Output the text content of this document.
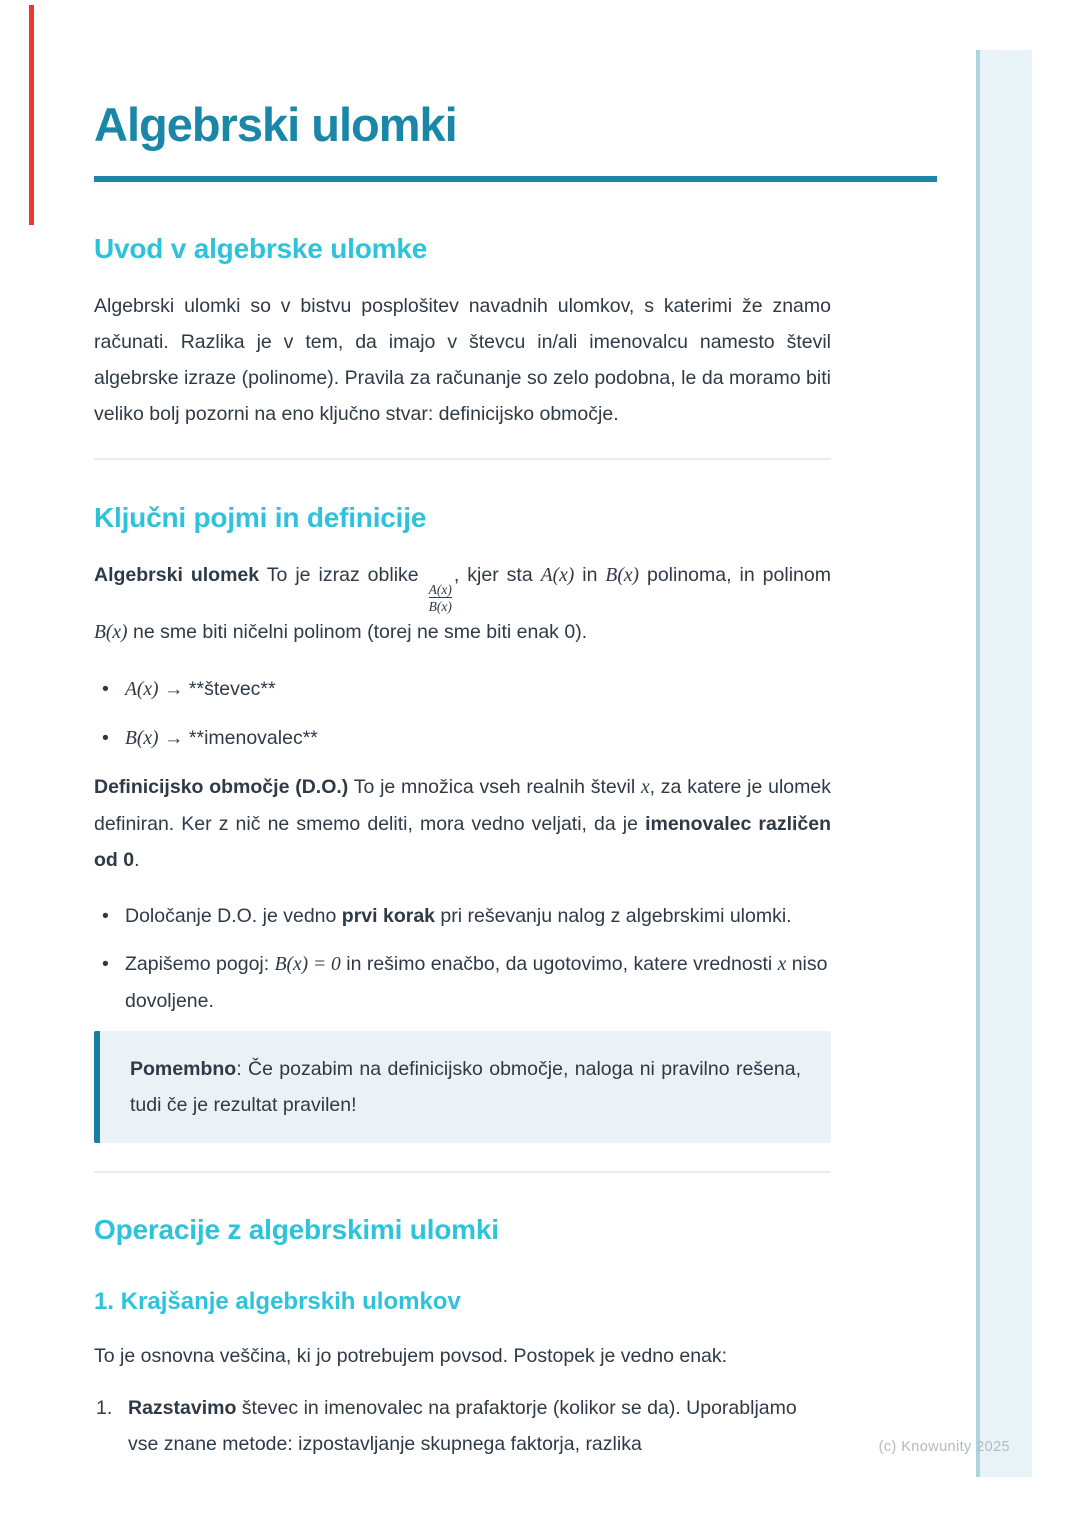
(c) Knowunity 2025
Algebrski ulomki
Uvod v algebrske ulomke

Algebrski ulomki so v bistvu posplošitev navadnih ulomkov, s katerimi že znamo računati. Razlika je v tem, da imajo v števcu in/ali imenovalcu namesto števil algebrske izraze (polinome). Pravila za računanje so zelo podobna, le da moramo biti veliko bolj pozorni na eno ključno stvar: definicijsko območje.

Ključni pojmi in definicije

Algebrski ulomek To je izraz oblike
$\frac{A(x)}{B(x)}$
, kjer sta A(x) in B(x) polinoma, in polinom B(x) ne sme biti ničelni polinom (torej ne sme biti enak 0).

• A(x) → **števec**
• B(x) → **imenovalec**

Definicijsko območje (D.O.) To je množica vseh realnih števil x, za katere je ulomek definiran. Ker z nič ne smemo deliti, mora vedno veljati, da je imenovalec različen od 0.

• Določanje D.O. je vedno prvi korak pri reševanju nalog z algebrskimi ulomki.
• Zapišemo pogoj: B(x) = 0 in rešimo enačbo, da ugotovimo, katere vrednosti x niso dovoljene.

Pomembno: Če pozabim na definicijsko območje, naloga ni pravilno rešena, tudi če je rezultat pravilen!

Operacije z algebrskimi ulomki
1. Krajšanje algebrskih ulomkov

To je osnovna veščina, ki jo potrebujem povsod. Postopek je vedno enak:

1. Razstavimo števec in imenovalec na prafaktorje (kolikor se da). Uporabljamo vse znane metode: izpostavljanje skupnega faktorja, razlika
